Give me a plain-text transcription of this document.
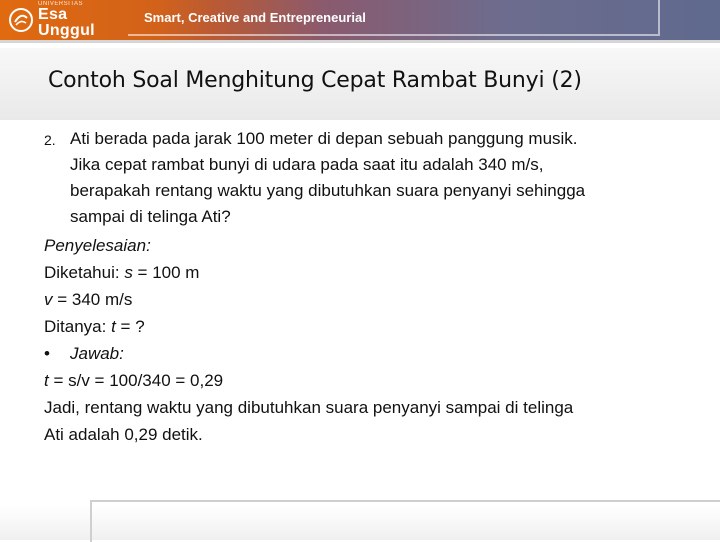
UNIVERSITAS
Esa Unggul
Smart, Creative and Entrepreneurial
Contoh Soal Menghitung Cepat Rambat Bunyi (2)
2. Ati berada pada jarak 100 meter di depan sebuah panggung musik.
Jika cepat rambat bunyi di udara pada saat itu adalah 340 m/s,
berapakah rentang waktu yang dibutuhkan suara penyanyi sehingga
sampai di telinga Ati?
Penyelesaian:
Diketahui: s = 100 m
v = 340 m/s
Ditanya: t = ?
• Jawab:
t = s/v = 100/340 = 0,29
Jadi, rentang waktu yang dibutuhkan suara penyanyi sampai di telinga
Ati adalah 0,29 detik.
